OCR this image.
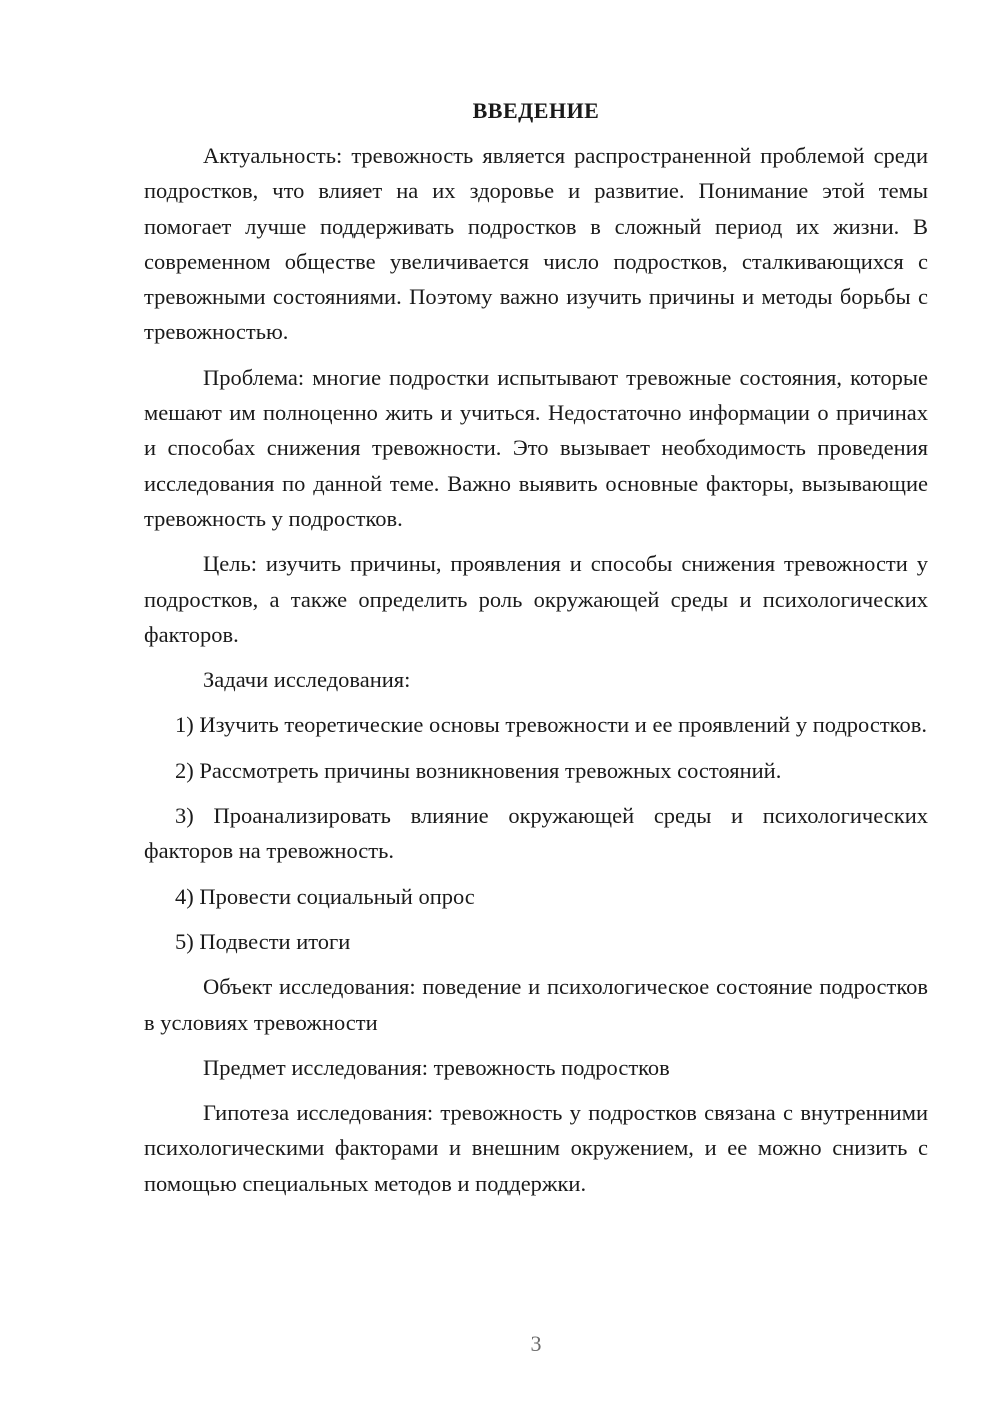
ВВЕДЕНИЕ

Актуальность: тревожность является распространенной проблемой среди подростков, что влияет на их здоровье и развитие. Понимание этой темы помогает лучше поддерживать подростков в сложный период их жизни. В современном обществе увеличивается число подростков, сталкивающихся с тревожными состояниями. Поэтому важно изучить причины и методы борьбы с тревожностью.

Проблема: многие подростки испытывают тревожные состояния, которые мешают им полноценно жить и учиться. Недостаточно информации о причинах и способах снижения тревожности. Это вызывает необходимость проведения исследования по данной теме. Важно выявить основные факторы, вызывающие тревожность у подростков.

Цель: изучить причины, проявления и способы снижения тревожности у подростков, а также определить роль окружающей среды и психологических факторов.

Задачи исследования:

1) Изучить теоретические основы тревожности и ее проявлений у подростков.

2) Рассмотреть причины возникновения тревожных состояний.

3) Проанализировать влияние окружающей среды и психологических факторов на тревожность.

4) Провести социальный опрос

5) Подвести итоги

Объект исследования: поведение и психологическое состояние подростков в условиях тревожности

Предмет исследования: тревожность подростков

Гипотеза исследования: тревожность у подростков связана с внутренними психологическими факторами и внешним окружением, и ее можно снизить с помощью специальных методов и поддержки.

3
